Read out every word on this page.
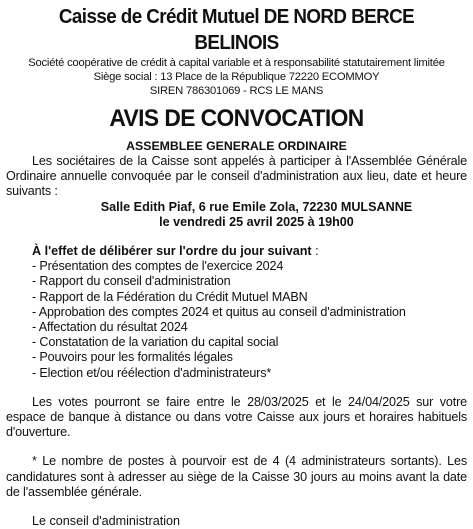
Caisse de Crédit Mutuel DE NORD BERCE BELINOIS
Société coopérative de crédit à capital variable et à responsabilité statutairement limitée
Siège social : 13 Place de la République 72220 ECOMMOY
SIREN 786301069 - RCS LE MANS
AVIS DE CONVOCATION
ASSEMBLEE GENERALE ORDINAIRE
Les sociétaires de la Caisse sont appelés à participer à l'Assemblée Générale Ordinaire annuelle convoquée par le conseil d'administration aux lieu, date et heure suivants :
Salle Edith Piaf, 6 rue Emile Zola, 72230 MULSANNE
le vendredi 25 avril 2025 à 19h00
À l'effet de délibérer sur l'ordre du jour suivant :
- Présentation des comptes de l'exercice 2024
- Rapport du conseil d'administration
- Rapport de la Fédération du Crédit Mutuel MABN
- Approbation des comptes 2024 et quitus au conseil d'administration
- Affectation du résultat 2024
- Constatation de la variation du capital social
- Pouvoirs pour les formalités légales
- Election et/ou réélection d'administrateurs*
Les votes pourront se faire entre le 28/03/2025 et le 24/04/2025 sur votre espace de banque à distance ou dans votre Caisse aux jours et horaires habituels d'ouverture.
* Le nombre de postes à pourvoir est de 4 (4 administrateurs sortants). Les candidatures sont à adresser au siège de la Caisse 30 jours au moins avant la date de l'assemblée générale.
Le conseil d'administration
